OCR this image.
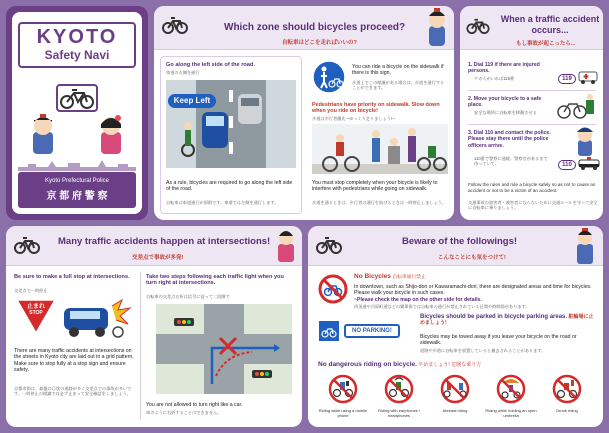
KYOTO
Safety Navi
Kyoto Prefectural Police
京 都 府 警 察
Which zone should bicycles proceed?
自転車はどこを走ればいいの?
Go along the left side of the road.
車道の左側を通行
Keep Left
As a rule, bicycles are required to go along the left side of the road.
自転車は車道通行が原則です。車道では左側を通行します。
You can ride a bicycle on the sidewalk if there is this sign.
歩道上でこの標識がある場合は、歩道を通行することができます。
Pedestrians have priority on sidewalk. Slow down when you ride on bicycle!
歩道は歩行者優先 ~ゆっくり走りましょう!~
You must stop completely when your bicycle is likely to interfere with pedestrians while going on sidewalk.
歩道を通るときは、歩行者の通行を妨げるときは一時停止しましょう。
When a traffic accident occurs...
もし事故が起こったら...
1. Dial 119 if there are injured persons.
ケガ人がいれば119番	119
2. Move your bicycle to a safe place.
安全な場所に自転車を移動させる
3. Dial 110 and contact the police. Please stay there until the police officers arrive.
110番で警察に通報。警察官が来るまで待っていて。	110
Follow the rules and ride a bicycle safely so as not to cause an accident or not to be a victim of an accident.
交通事故の加害者・被害者にならないために交通ルールを守って安全に自転車に乗りましょう。
Many traffic accidents happen at intersections!
交差点で事故が多発!
Be sure to make a full stop at intersections.
交差点で一時停止
止まれ
STOP
There are many traffic accidents at intersections on the streets in Kyoto city are laid out in a grid pattern. Make sure to stop fully at a stop sign and ensure safety.
京都市街は、碁盤の目状の道路が多く交差点での事故が多いです。一時停止の標識では必ず止まって安全確認をしましょう。
Take two steps following each traffic light when you turn right at intersections.
自転車の交差点右折は信号に従って二段階で
You are not allowed to turn right like a car.
車のように右折することはできません。
Beware of the followings!
こんなことにも気をつけて!
No Bicycles 自転車通行禁止
In downtown, such as Shijo-dori or Kawaramachi-dori, there are designated areas and time for bicycles. Please walk your bicycle in such cases.
~Please check the map on the other side for details.
四条通や河原町通などの繁華街では自転車の通行が禁止されている区間や時間帯があります。
NO PARKING!
Bicycles should be parked in bicycle parking areas. 駐輪場に止めましょう!
Bicycles may be towed away if you leave your bicycle on the road or sidewalk.
道路や歩道に自転車を放置していると撤去されることがあります。
No dangerous riding on bicycle. やめましょう! 危険な乗り方
Riding while using a mobile phone
Riding with earphones / headphones
Abreast riding	Riding while holding an open umbrella
Drunk riding
